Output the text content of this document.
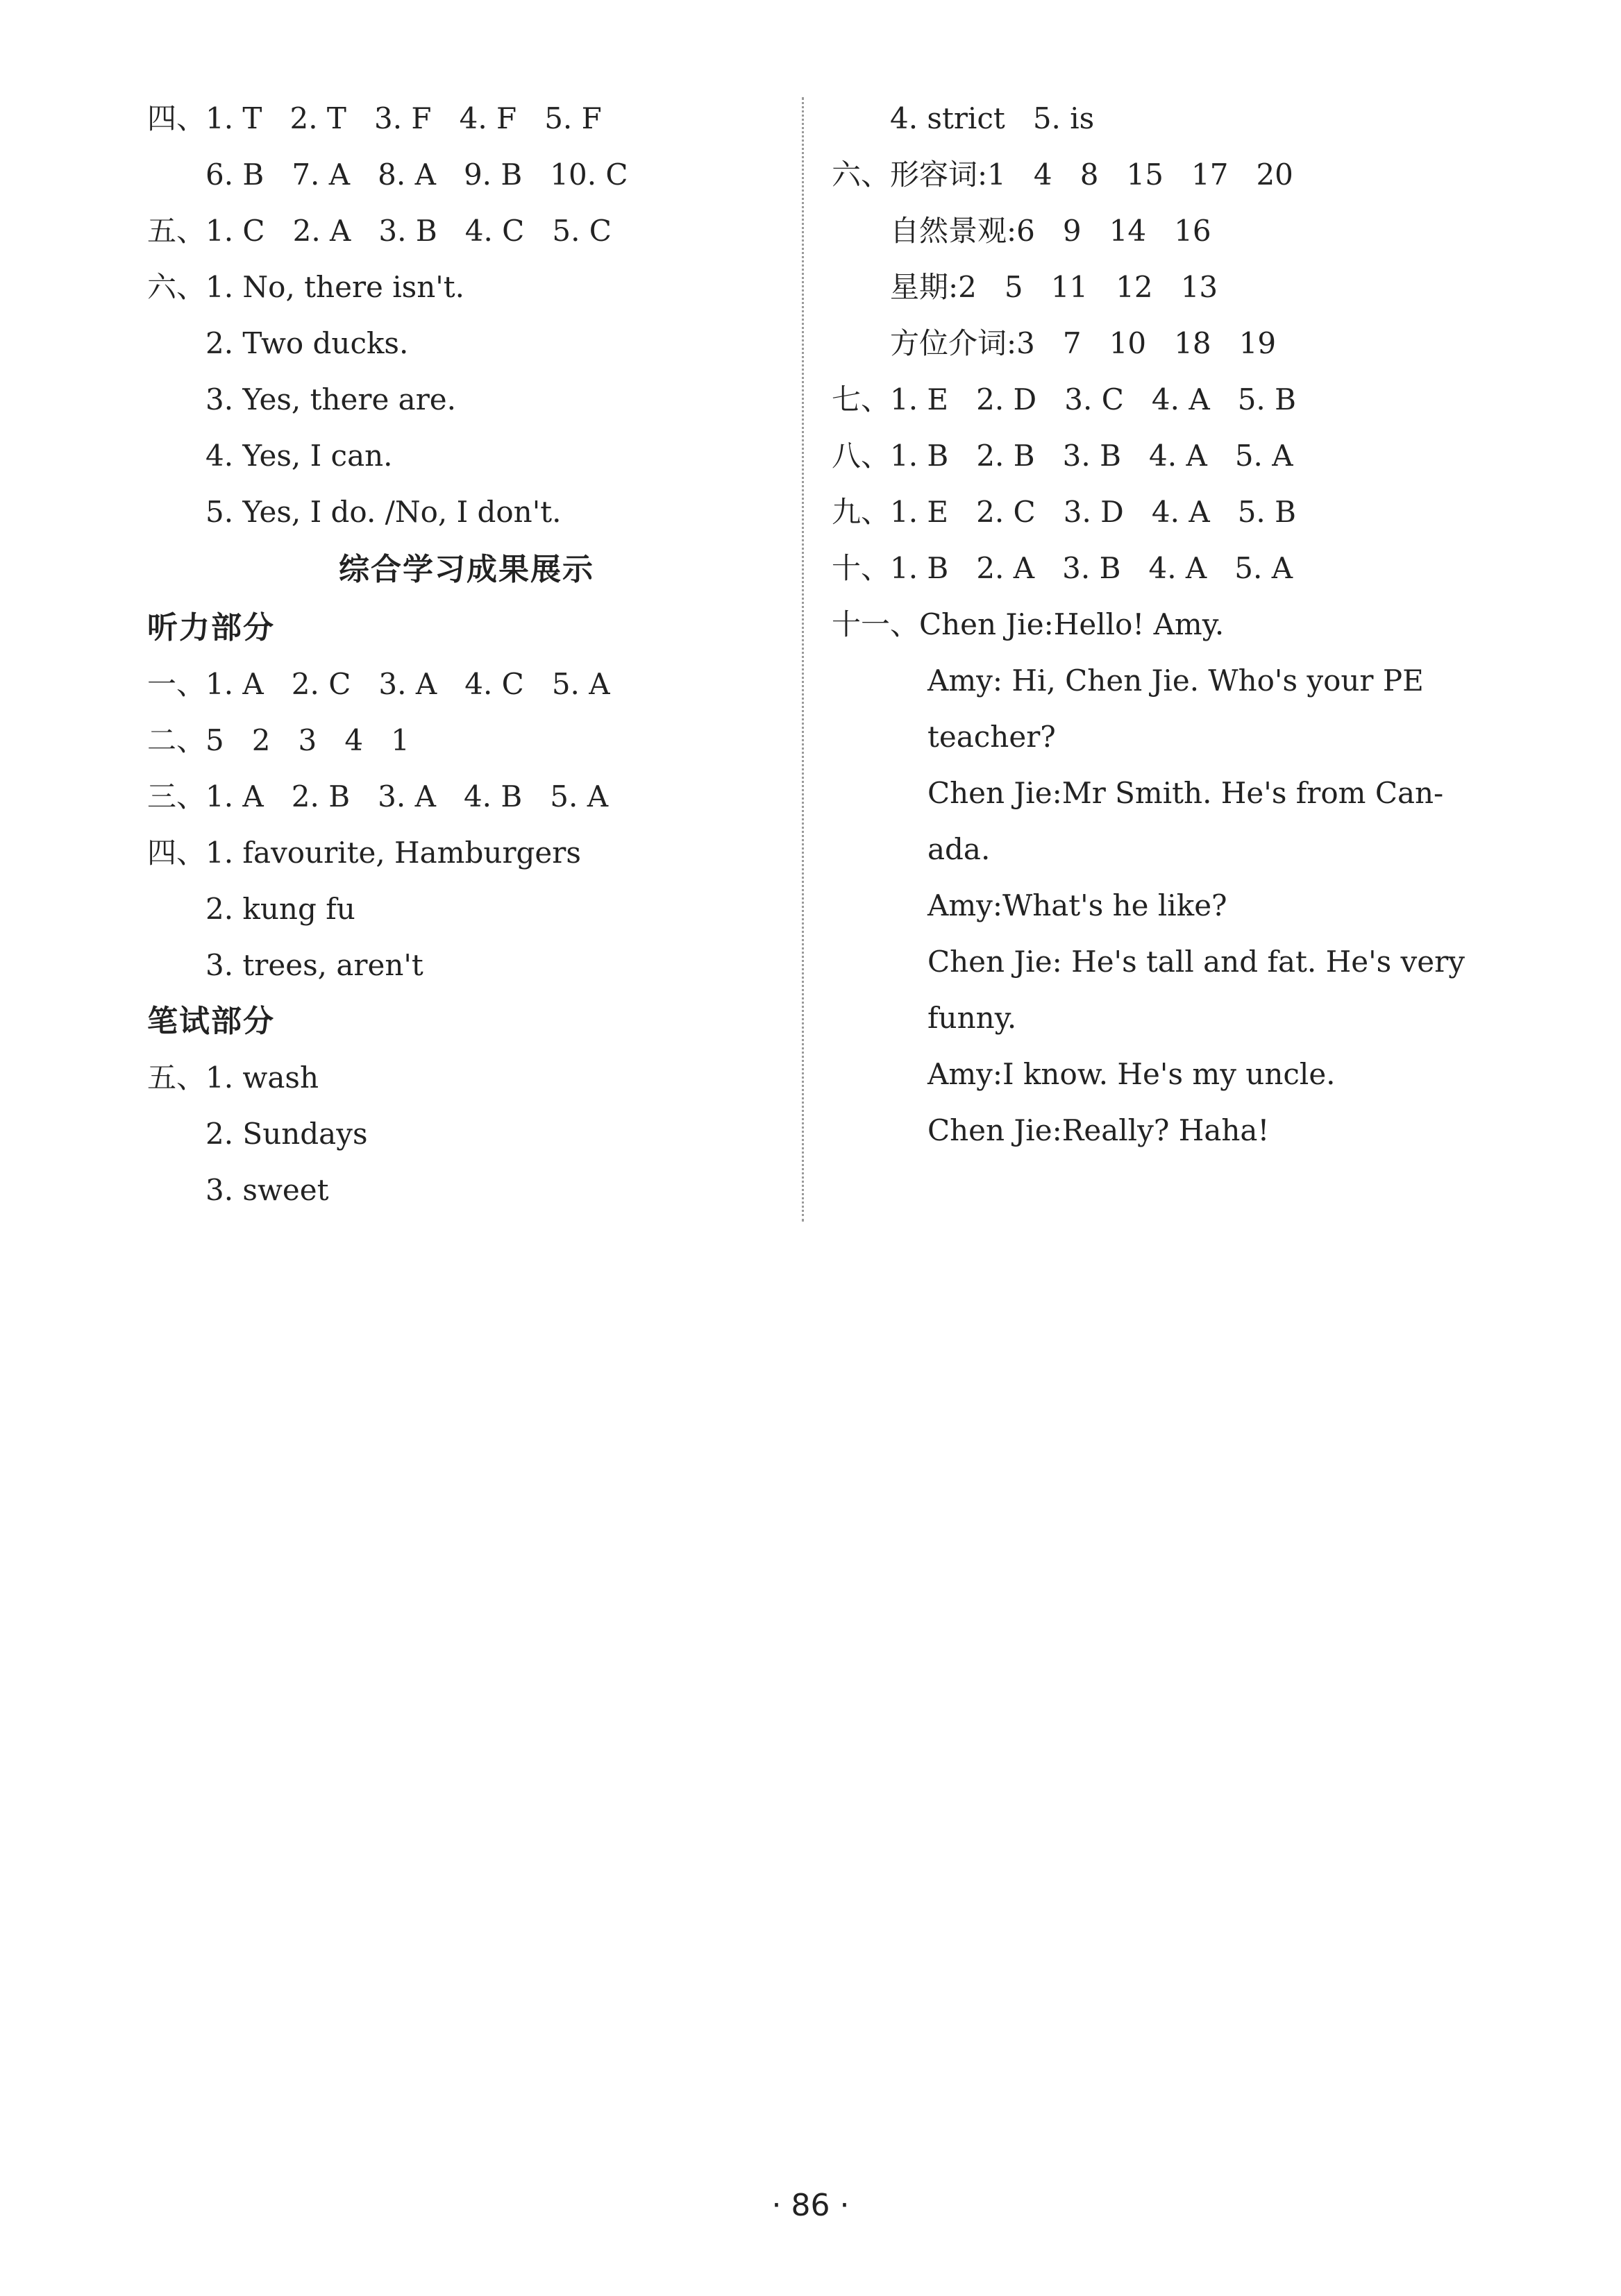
四、1. T   2. T   3. F   4. F   5. F
6. B   7. A   8. A   9. B   10. C
五、1. C   2. A   3. B   4. C   5. C
六、1. No, there isn't.
2. Two ducks.
3. Yes, there are.
4. Yes, I can.
5. Yes, I do. /No, I don't.
综合学习成果展示
听力部分
一、1. A   2. C   3. A   4. C   5. A
二、5   2   3   4   1
三、1. A   2. B   3. A   4. B   5. A
四、1. favourite, Hamburgers
2. kung fu
3. trees, aren't
笔试部分
五、1. wash
2. Sundays
3. sweet
4. strict   5. is
六、形容词:1   4   8   15   17   20
自然景观:6   9   14   16
星期:2   5   11   12   13
方位介词:3   7   10   18   19
七、1. E   2. D   3. C   4. A   5. B
八、1. B   2. B   3. B   4. A   5. A
九、1. E   2. C   3. D   4. A   5. B
十、1. B   2. A   3. B   4. A   5. A
十一、Chen Jie:Hello! Amy.
Amy: Hi, Chen Jie. Who's your PE
teacher?
Chen Jie:Mr Smith. He's from Can-
ada.
Amy:What's he like?
Chen Jie: He's tall and fat. He's very
funny.
Amy:I know. He's my uncle.
Chen Jie:Really? Haha!
· 86 ·
